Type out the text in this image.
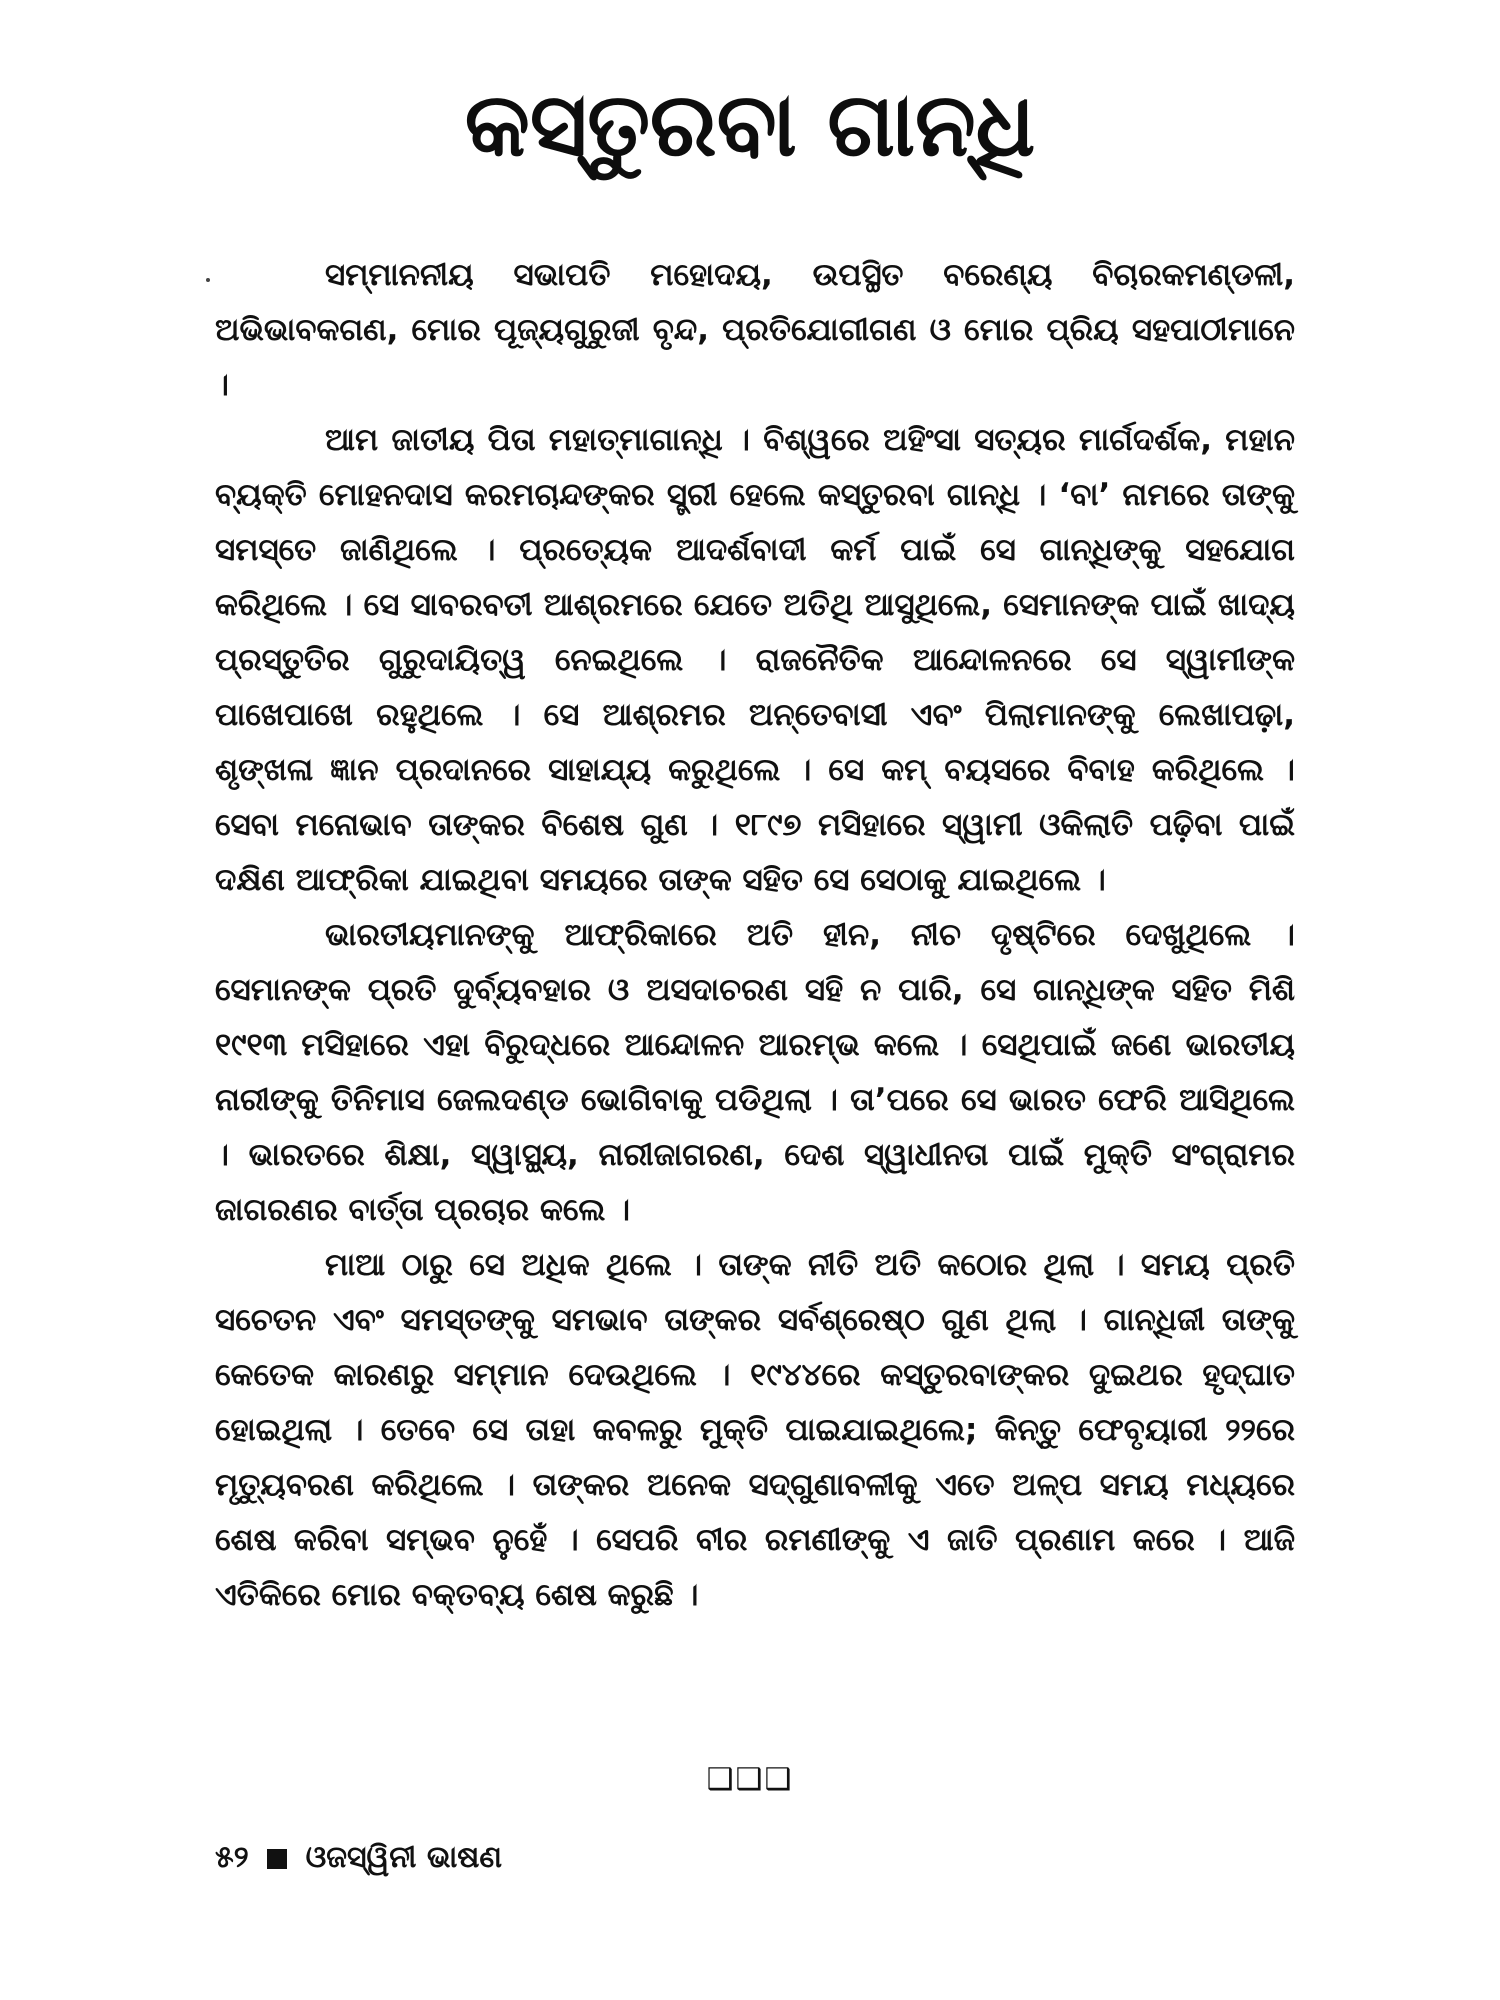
କସ୍ତୁରବା ଗାନ୍ଧି

ସମ୍ମାନନୀୟ ସଭାପତି ମହୋଦୟ, ଉପସ୍ଥିତ ବରେଣ୍ୟ ବିଚାରକମଣ୍ଡଳୀ, ଅଭିଭାବକଗଣ, ମୋର ପୂଜ୍ୟଗୁରୁଜୀ ବୃନ୍ଦ, ପ୍ରତିଯୋଗୀଗଣ ଓ ମୋର ପ୍ରିୟ ସହପାଠୀମାନେ ।

ଆମ ଜାତୀୟ ପିତା ମହାତ୍ମାଗାନ୍ଧି । ବିଶ୍ୱରେ ଅହିଂସା ସତ୍ୟର ମାର୍ଗଦର୍ଶକ, ମହାନ ବ୍ୟକ୍ତି ମୋହନଦାସ କରମଚାନ୍ଦଙ୍କର ସ୍ତ୍ରୀ ହେଲେ କସ୍ତୁରବା ଗାନ୍ଧି । ‘ବା’ ନାମରେ ତାଙ୍କୁ ସମସ୍ତେ ଜାଣିଥିଲେ । ପ୍ରତ୍ୟେକ ଆଦର୍ଶବାଦୀ କର୍ମ ପାଇଁ ସେ ଗାନ୍ଧିଙ୍କୁ ସହଯୋଗ କରିଥିଲେ । ସେ ସାବରବତୀ ଆଶ୍ରମରେ ଯେତେ ଅତିଥି ଆସୁଥିଲେ, ସେମାନଙ୍କ ପାଇଁ ଖାଦ୍ୟ ପ୍ରସ୍ତୁତିର ଗୁରୁଦାୟିତ୍ୱ ନେଇଥିଲେ । ରାଜନୈତିକ ଆନ୍ଦୋଳନରେ ସେ ସ୍ୱାମୀଙ୍କ ପାଖେପାଖେ ରହୁଥିଲେ । ସେ ଆଶ୍ରମର ଅନ୍ତେବାସୀ ଏବଂ ପିଲାମାନଙ୍କୁ ଲେଖାପଢ଼ା, ଶୃଙ୍ଖଳା ଜ୍ଞାନ ପ୍ରଦାନରେ ସାହାଯ୍ୟ କରୁଥିଲେ । ସେ କମ୍ ବୟସରେ ବିବାହ କରିଥିଲେ । ସେବା ମନୋଭାବ ତାଙ୍କର ବିଶେଷ ଗୁଣ । ୧୮୯୭ ମସିହାରେ ସ୍ୱାମୀ ଓକିଲାତି ପଢ଼ିବା ପାଇଁ ଦକ୍ଷିଣ ଆଫ୍ରିକା ଯାଇଥିବା ସମୟରେ ତାଙ୍କ ସହିତ ସେ ସେଠାକୁ ଯାଇଥିଲେ ।

ଭାରତୀୟମାନଙ୍କୁ ଆଫ୍ରିକାରେ ଅତି ହୀନ, ନୀଚ ଦୃଷ୍ଟିରେ ଦେଖୁଥିଲେ । ସେମାନଙ୍କ ପ୍ରତି ଦୁର୍ବ୍ୟବହାର ଓ ଅସଦାଚରଣ ସହି ନ ପାରି, ସେ ଗାନ୍ଧିଙ୍କ ସହିତ ମିଶି ୧୯୧୩ ମସିହାରେ ଏହା ବିରୁଦ୍ଧରେ ଆନ୍ଦୋଳନ ଆରମ୍ଭ କଲେ । ସେଥିପାଇଁ ଜଣେ ଭାରତୀୟ ନାରୀଙ୍କୁ ତିନିମାସ ଜେଲଦଣ୍ଡ ଭୋଗିବାକୁ ପଡିଥିଲା । ତା’ପରେ ସେ ଭାରତ ଫେରି ଆସିଥିଲେ । ଭାରତରେ ଶିକ୍ଷା, ସ୍ୱାସ୍ଥ୍ୟ, ନାରୀଜାଗରଣ, ଦେଶ ସ୍ୱାଧୀନତା ପାଇଁ ମୁକ୍ତି ସଂଗ୍ରାମର ଜାଗରଣର ବାର୍ତ୍ତା ପ୍ରଚାର କଲେ ।

ମାଆ ଠାରୁ ସେ ଅଧିକ ଥିଲେ । ତାଙ୍କ ନୀତି ଅତି କଠୋର ଥିଲା । ସମୟ ପ୍ରତି ସଚେତନ ଏବଂ ସମସ୍ତଙ୍କୁ ସମଭାବ ତାଙ୍କର ସର୍ବଶ୍ରେଷ୍ଠ ଗୁଣ ଥିଲା । ଗାନ୍ଧିଜୀ ତାଙ୍କୁ କେତେକ କାରଣରୁ ସମ୍ମାନ ଦେଉଥିଲେ । ୧୯୪୪ରେ କସ୍ତୁରବାଙ୍କର ଦୁଇଥର ହୃଦ୍‌ଘାତ ହୋଇଥିଲା । ତେବେ ସେ ତାହା କବଳରୁ ମୁକ୍ତି ପାଇଯାଇଥିଲେ; କିନ୍ତୁ ଫେବୃୟାରୀ ୨୨ରେ ମୃତ୍ୟୁବରଣ କରିଥିଲେ । ତାଙ୍କର ଅନେକ ସଦ୍‌ଗୁଣାବଳୀକୁ ଏତେ ଅଳ୍ପ ସମୟ ମଧ୍ୟରେ ଶେଷ କରିବା ସମ୍ଭବ ନୁହେଁ । ସେପରି ବୀର ରମଣୀଙ୍କୁ ଏ ଜାତି ପ୍ରଣାମ କରେ । ଆଜି ଏତିକିରେ ମୋର ବକ୍ତବ୍ୟ ଶେଷ କରୁଛି ।

❑❑❑
୫୨ ଓଜସ୍ୱିନୀ ଭାଷଣ
